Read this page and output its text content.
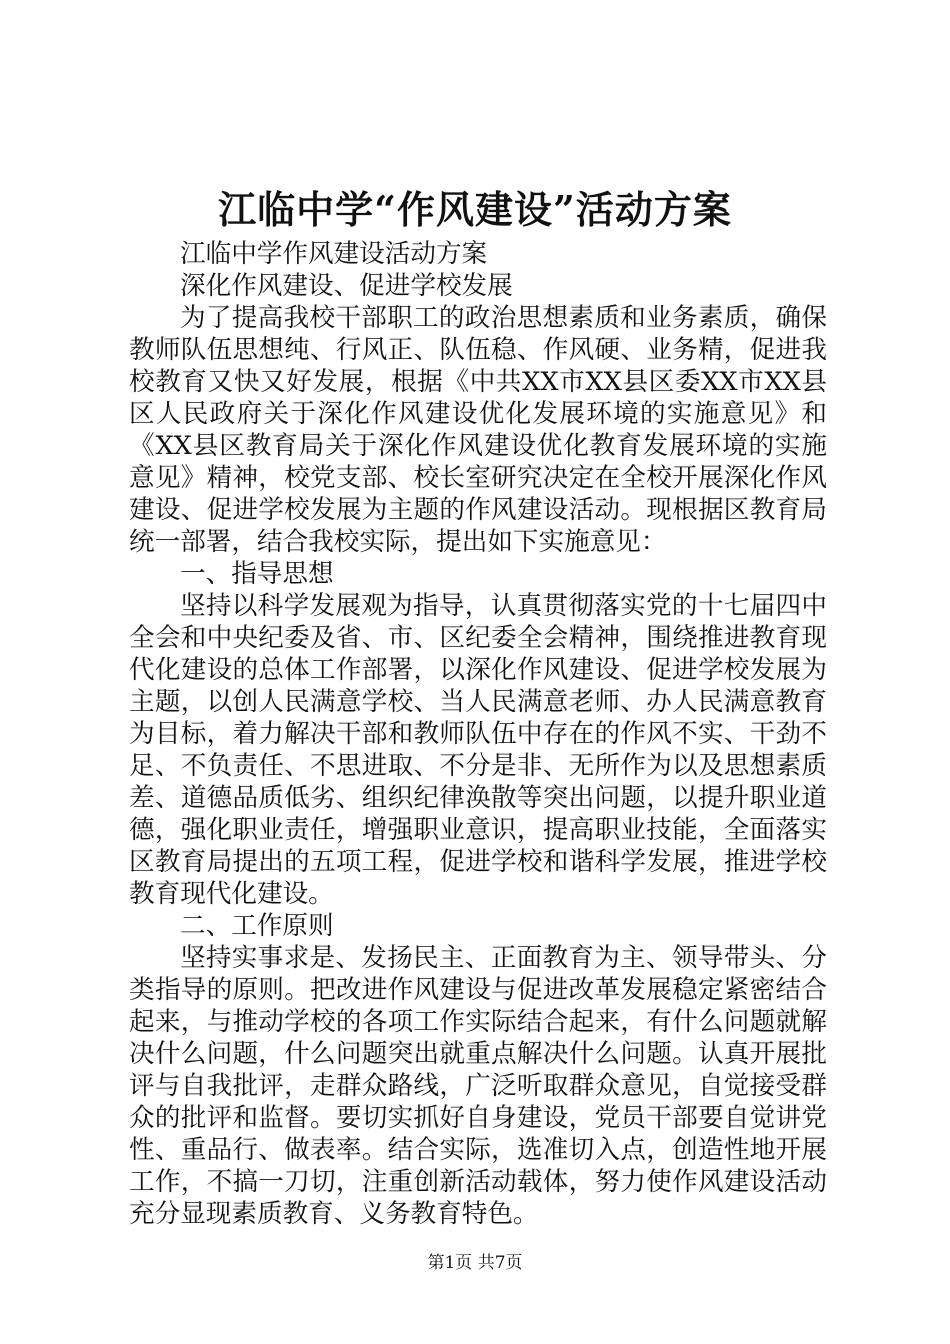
江临中学“作风建设”活动方案

江临中学作风建设活动方案

深化作风建设、促进学校发展

为了提高我校干部职工的政治思想素质和业务素质，确保教师队伍思想纯、行风正、队伍稳、作风硬、业务精，促进我校教育又快又好发展，根据《中共XX市XX县区委XX市XX县区人民政府关于深化作风建设优化发展环境的实施意见》和《XX县区教育局关于深化作风建设优化教育发展环境的实施意见》精神，校党支部、校长室研究决定在全校开展深化作风建设、促进学校发展为主题的作风建设活动。现根据区教育局统一部署，结合我校实际，提出如下实施意见：

一、指导思想

坚持以科学发展观为指导，认真贯彻落实党的十七届四中全会和中央纪委及省、市、区纪委全会精神，围绕推进教育现代化建设的总体工作部署，以深化作风建设、促进学校发展为主题，以创人民满意学校、当人民满意老师、办人民满意教育为目标，着力解决干部和教师队伍中存在的作风不实、干劲不足、不负责任、不思进取、不分是非、无所作为以及思想素质差、道德品质低劣、组织纪律涣散等突出问题，以提升职业道德，强化职业责任，增强职业意识，提高职业技能，全面落实区教育局提出的五项工程，促进学校和谐科学发展，推进学校教育现代化建设。

二、工作原则

坚持实事求是、发扬民主、正面教育为主、领导带头、分类指导的原则。把改进作风建设与促进改革发展稳定紧密结合起来，与推动学校的各项工作实际结合起来，有什么问题就解决什么问题，什么问题突出就重点解决什么问题。认真开展批评与自我批评，走群众路线，广泛听取群众意见，自觉接受群众的批评和监督。要切实抓好自身建设，党员干部要自觉讲党性、重品行、做表率。结合实际，选准切入点，创造性地开展工作，不搞一刀切，注重创新活动载体，努力使作风建设活动充分显现素质教育、义务教育特色。

第1页 共7页
